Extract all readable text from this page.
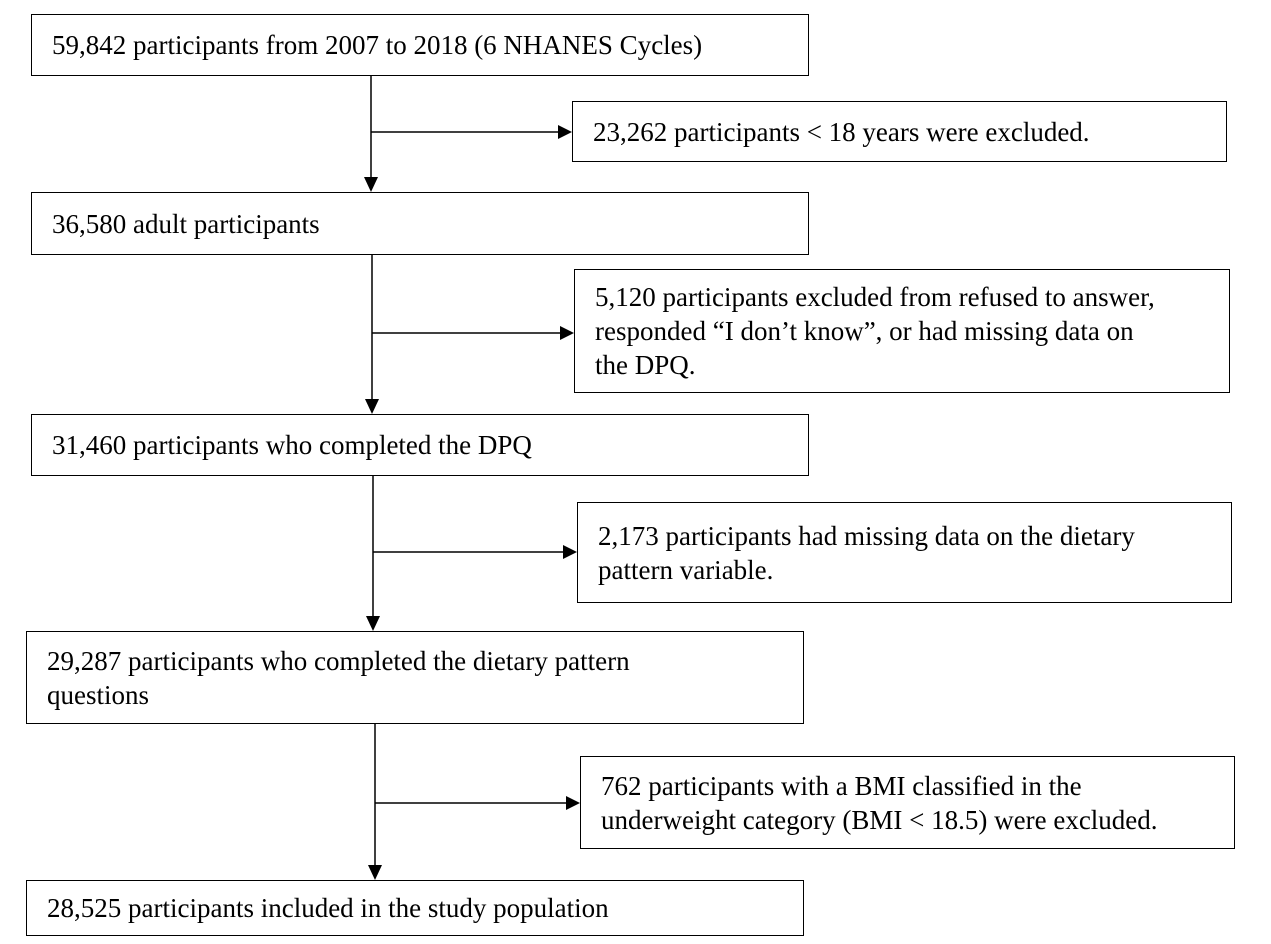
59,842 participants from 2007 to 2018 (6 NHANES Cycles)
36,580 adult participants
31,460 participants who completed the DPQ
29,287 participants who completed the dietary pattern
questions
28,525 participants included in the study population
23,262 participants < 18 years were excluded.
5,120 participants excluded from refused to answer,
responded “I don’t know”, or had missing data on
the DPQ.
2,173 participants had missing data on the dietary
pattern variable.
762 participants with a BMI classified in the
underweight category (BMI < 18.5) were excluded.
